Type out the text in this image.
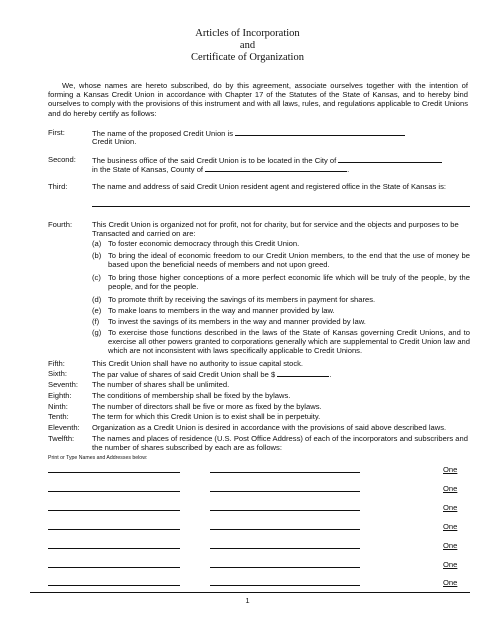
Articles of Incorporation
and
Certificate of Organization
We, whose names are hereto subscribed, do by this agreement, associate ourselves together with the intention of forming a Kansas Credit Union in accordance with Chapter 17 of the Statutes of the State of Kansas, and to hereby bind ourselves to comply with the provisions of this instrument and with all laws, rules, and regulations applicable to Credit Unions and do hereby certify as follows:
First:	The name of the proposed Credit Union is
Credit Union.
Second: The business office of the said Credit Union is to be located in the City of
in the State of Kansas, County of	.
Third:	The name and address of said Credit Union resident agent and registered office in the State of Kansas is:
Fourth:	This Credit Union is organized not for profit, not for charity, but for service and the objects and purposes to be
Transacted and carried on are:
(a) To foster economic democracy through this Credit Union.
(b) To bring the ideal of economic freedom to our Credit Union members, to the end that the use of money be based upon the beneficial needs of members and not upon greed.
(c) To bring those higher conceptions of a more perfect economic life which will be truly of the people, by the people, and for the people.
(d) To promote thrift by receiving the savings of its members in payment for shares.
(e) To make loans to members in the way and manner provided by law.
(f)	To invest the savings of its members in the way and manner provided by law.
(g) To exercise those functions described in the laws of the State of Kansas governing Credit Unions, and to exercise all other powers granted to corporations generally which are supplemental to Credit Union law and which are not inconsistent with laws specifically applicable to Credit Unions.
Fifth:	This Credit Union shall have no authority to issue capital stock.
Sixth:	The par value of shares of said Credit Union shall be $	.
Seventh: The number of shares shall be unlimited.
Eighth:	The conditions of membership shall be fixed by the bylaws.
Ninth:	The number of directors shall be five or more as fixed by the bylaws.
Tenth:	The term for which this Credit Union is to exist shall be in perpetuity.
Eleventh: Organization as a Credit Union is desired in accordance with the provisions of said above described laws.
Twelfth: The names and places of residence (U.S. Post Office Address) of each of the incorporators and subscribers and the number of shares subscribed by each are as follows:
Print or Type Names and Addresses below:
One
One
One
One
One
One
One
1
